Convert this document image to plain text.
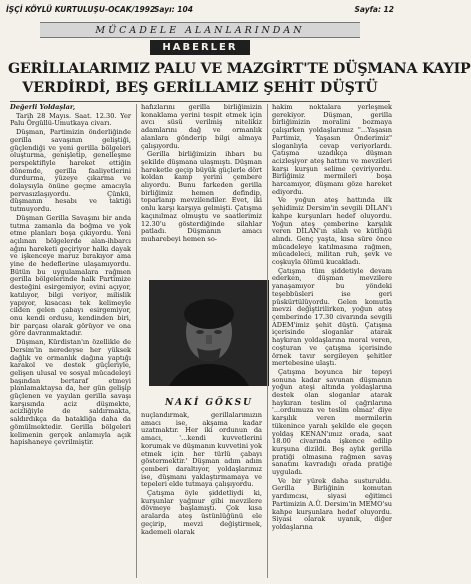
İŞÇİ KÖYLÜ KURTULUŞU-OCAK/1992
Sayı: 104	Sayfa: 12
MÜCADELE ALANLARINDAN
HABERLER
GERİLLALARIMIZ PALU VE MAZGİRT'TE DÜŞMANA KAYIP
VERDİRDİ, BEŞ GERİLLAMIZ ŞEHİT DÜŞTÜ

Değerli Yoldaşlar,

Tarih 28 Mayıs. Saat. 12.30. Yer Palu Örgüllü-Umutkaya civarı.

Düşman, Partimizin önderliğinde gerilla savaşının geliştiği, güçlendiği ve yeni gerilla bölgeleri oluşturma, genişletip, genelleşme perspektifiyle hareket ettiğin dönemde, gerilla faaliyetlerini durdurma, yüzeye çıkarma ve dolaysıyla önüne geçme amacıyla pervasızlaşıyordu. Çünkü, düşmanın hesabı ve taktiği tutmuyordu.

Düşman Gerilla Savaşını bir anda tutma zamanla da boğma ve yok etme planları boşa çıkıyordu. Yeni açılınan bölgelerde alan-ihbarcı ağını hareketi geçiriyor halkı dayak ve işkenceye maruz bırakıyor ama yine de hedeflerine ulaşamıyordu. Bütün bu uygulamalara rağmen gerilla bölgelerinde halk Partimize desteğini esirgemiyor, evini açıyor, katılıyor, bilgi veriyor, milislik yapıyor, kısacası tek kelimeyle cilden gelen çabayı esirgemiyor, onu kendi ordusu, kendinden biri, bir parçası olarak görüyor ve ona göre davranmaktadır.

Düşman, Kürdistan'ın özellikle de Dersim'in neredeyse her yüksek dağlık ve ormanlık dağına yaptığı karakol ve destek güçleriyle, gelişen ulusal ve sosyal mücadeleyi başından bertaraf etmeyi planlamaktaysa da, her gün gelişip güçlenen ve yayılan gerilla savaşı karşısında aciz düşmekte, acizliğiyle de saldırmakta, saldırdıkça da batakliğa daha da gömülmektedir. Gerilla bölgeleri kelimenin gerçek anlamıyla açık hapishaneye çevrilmiştir.

hafızlarını gerilla birliğimizin konaklama yerini tespit etmek için avcı süsü verilmiş nitelikiz adamlarını dağ ve ormanlık alanlara gönderip bilgi almaya çalışıyordu.

Gerilla birliğimizin ihbarı bu şekilde düşmana ulaşmıştı. Düşman hareketle geçip büyük güçlerle dört koldan kamp yerini çembere alıyordu. Bunu farkeden gerilla birliğimiz hemen defindip, toparlanıp mevzilendiler. Evet, iki onlu karşı karşıya gelmişti. Çatışma kaçınılmaz olmuştu ve saatlerimiz 12.30'u gösterdiğinde silahlar patladı. Düşmanın amacı muharebeyi hemen so-

NAKİ GÖKSU

nuçlandırmak, gerillalarımızın amacı ise, akşama kadar uzatmaktır. Her iki ordunun da amacı, '...kendi kuvvetlerini korumak ve düşmanın kuvvetini yok etmek için her türlü çabayı göstermektir.' Düşman adım adım çemberi daraltıyor, yoldaşlarımız ise, düşmanı yaklaştırmamaya ve tepeleri elde tutmaya çalışıyordu.

Çatışma öyle şiddetliydi ki, kurşunlar yağmur gibi mevzilere dövmeye başlamıştı. Çok kısa aralarda ateş üstünlüğünü ele geçirip, mevzi değiştirmek, kademeli olarak

hakim noktalara yerleşmek gerekiyor. Düşman, gerilla birliğimizin moralini bozmaya çalışırken yoldaşlarımız "...Yaşasın Partimiz, Yaşasın Önderimiz" sloganlıyla cevap veriyorlardı. Çatışma uzadıkça düşman acizleşiyor ateş hattını ve mevzileri karşı kurşun selime çeviriyordu. Birliğimiz mermileri boşa harcamıyor, düşmanı göze hareket ediyordu.

Ve yoğun ateş hattında ilk şehidimiz Dersim'in sevgili DİLAN'ı kahpe kurşunları hedef oluyordu. Yoğun ateş çemberine karşılık veren DİLAN'ın silah ve kütlüğü alındı. Genç yaşta, kısa süre önce mücadeleye katılmasına rağmen, mücadeleci, militan ruh, şevk ve coşkuyla ölümü kucakladı.

Çatışma tüm şiddetiyle devam ederken, düşman mevzilere yanaşamıyor bu yöndeki teşebbüsleri ise geri püskürtülüyordu. Gelen komutla mevzi değiştirilirken, yoğun ateş çemberinde 17.30 civarında sevgili ADEM'imiz şehit düştü. Çatışma içerisinde sloganlar atarak haykıran yoldaşlarına moral veren, coşturan ve çatışma içerisinde örnek tavır sergileyen şehitler mertebesine ulaştı.

Çatışma boyunca bir tepeyi sonuna kadar savunan düşmanın yoğun ateşi altında yoldaşlarına destek olan sloganlar atarak haykıran teslim ol çağrılarına '...ordumuza ve teslim olmaz' diye karşılık veren mermilerin tükenince yaralı şekilde ele geçen yoldaş KENAN'ımız orada, saat 18.00 civarında işkence edilip kurşuna dizildi. Beş aylık gerilla pratiği olmasına rağmen savaş sanatını kavradığı orada pratiğe uyguladı.

Ve bir yürek daha susturuldu. Gerilla Birliğinin komutan yardımcısı, siyasi eğitimci Partimizin A.Ü. Dersim'in MEMO'su kahpe kurşunlara hedef oluyordu. Siyasi olarak uyanık, diğer yoldaşlarına
